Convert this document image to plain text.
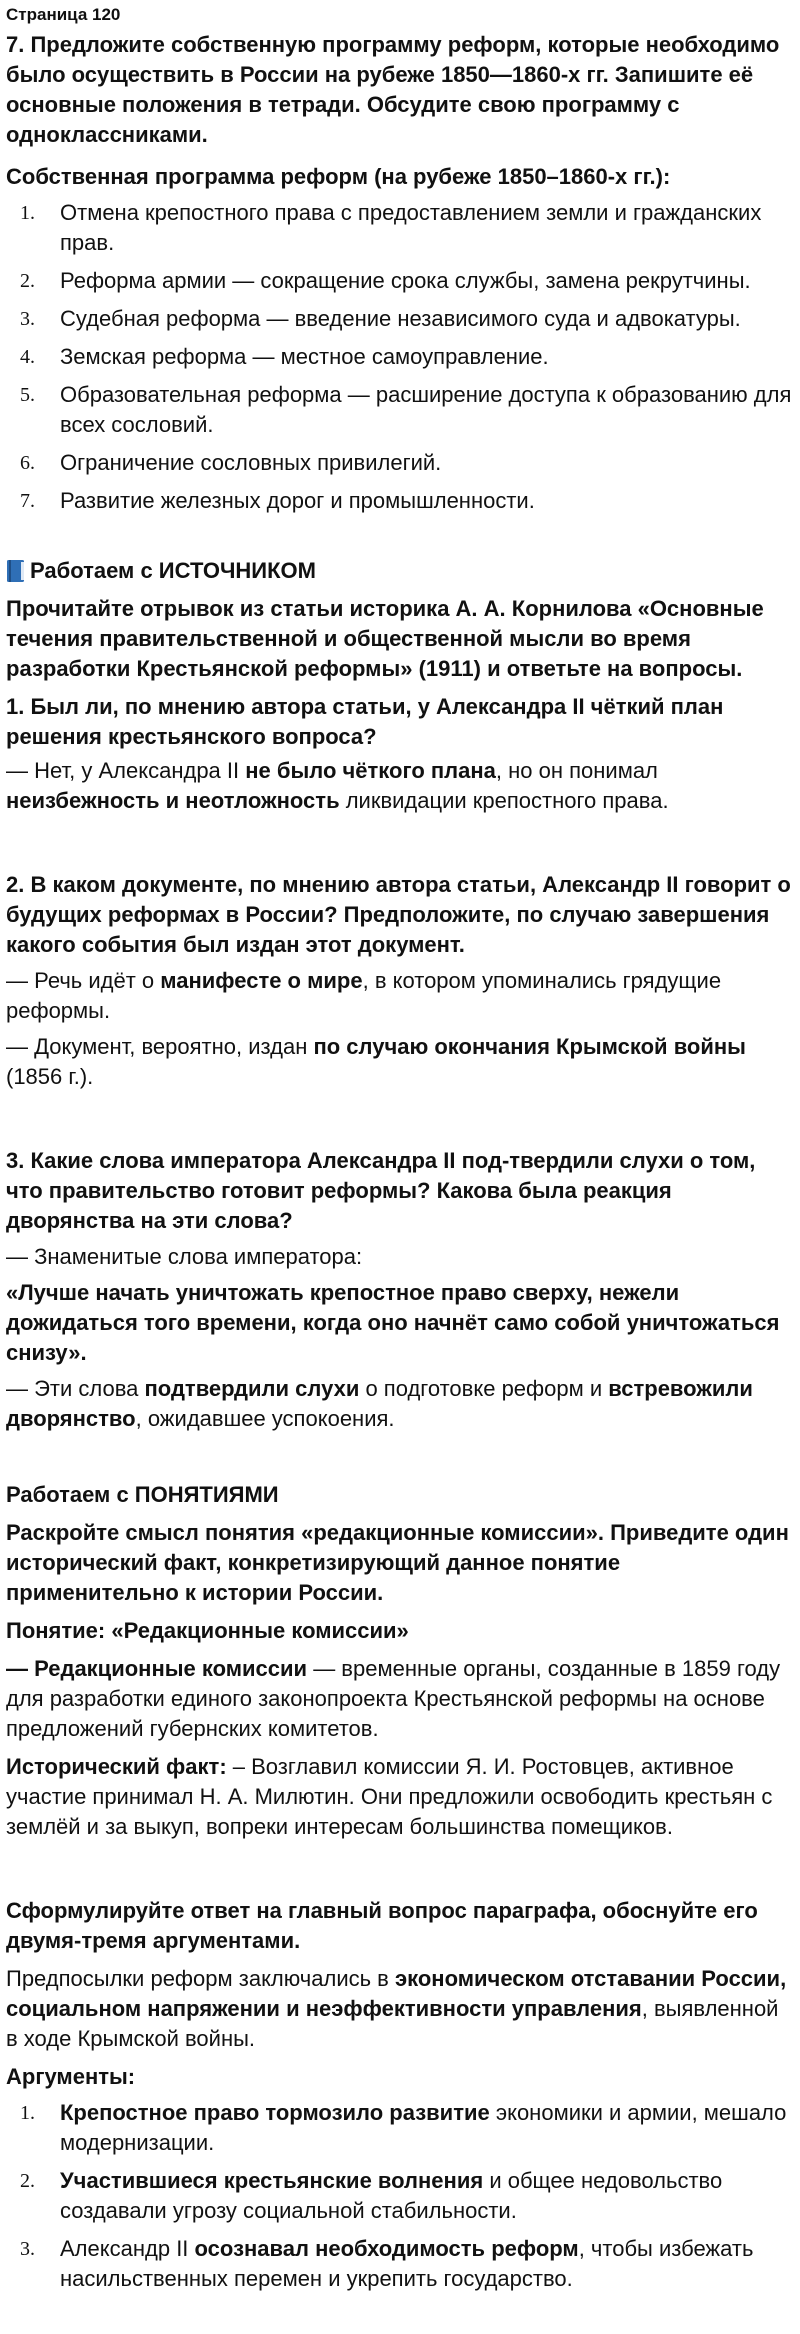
Страница 120

7. Предложите собственную программу реформ, которые необходимо было осуществить в России на рубеже 1850—1860-х гг. Запишите её основные положения в тетради. Обсудите свою программу с одноклассниками.

Собственная программа реформ (на рубеже 1850–1860-х гг.):

1. Отмена крепостного права с предоставлением земли и гражданских прав.
2. Реформа армии — сокращение срока службы, замена рекрутчины.
3. Судебная реформа — введение независимого суда и адвокатуры.
4. Земская реформа — местное самоуправление.
5. Образовательная реформа — расширение доступа к образованию для всех сословий.
6. Ограничение сословных привилегий.
7. Развитие железных дорог и промышленности.
Работаем с ИСТОЧНИКОМ

Прочитайте отрывок из статьи историка А. А. Корнилова «Основные течения правительственной и общественной мысли во время разработки Крестьянской реформы» (1911) и ответьте на вопросы.

1. Был ли, по мнению автора статьи, у Александра II чёткий план решения крестьянского вопроса?

— Нет, у Александра II не было чёткого плана, но он понимал неизбежность и неотложность ликвидации крепостного права.

2. В каком документе, по мнению автора статьи, Александр II говорит о будущих реформах в России? Предположите, по случаю завершения какого события был издан этот документ.

— Речь идёт о манифесте о мире, в котором упоминались грядущие реформы.

— Документ, вероятно, издан по случаю окончания Крымской войны (1856 г.).

3. Какие слова императора Александра II под-твердили слухи о том, что правительство готовит реформы? Какова была реакция дворянства на эти слова?

— Знаменитые слова императора:

«Лучше начать уничтожать крепостное право сверху, нежели дожидаться того времени, когда оно начнёт само собой уничтожаться снизу».

— Эти слова подтвердили слухи о подготовке реформ и встревожили дворянство, ожидавшее успокоения.

Работаем с ПОНЯТИЯМИ

Раскройте смысл понятия «редакционные комиссии». Приведите один исторический факт, конкретизирующий данное понятие применительно к истории России.

Понятие: «Редакционные комиссии»

— Редакционные комиссии — временные органы, созданные в 1859 году для разработки единого законопроекта Крестьянской реформы на основе предложений губернских комитетов.

Исторический факт: – Возглавил комиссии Я. И. Ростовцев, активное участие принимал Н. А. Милютин. Они предложили освободить крестьян с землёй и за выкуп, вопреки интересам большинства помещиков.

Сформулируйте ответ на главный вопрос параграфа, обоснуйте его двумя-тремя аргументами.

Предпосылки реформ заключались в экономическом отставании России, социальном напряжении и неэффективности управления, выявленной в ходе Крымской войны.

Аргументы:

1. Крепостное право тормозило развитие экономики и армии, мешало модернизации.
2. Участившиеся крестьянские волнения и общее недовольство создавали угрозу социальной стабильности.
3. Александр II осознавал необходимость реформ, чтобы избежать насильственных перемен и укрепить государство.
